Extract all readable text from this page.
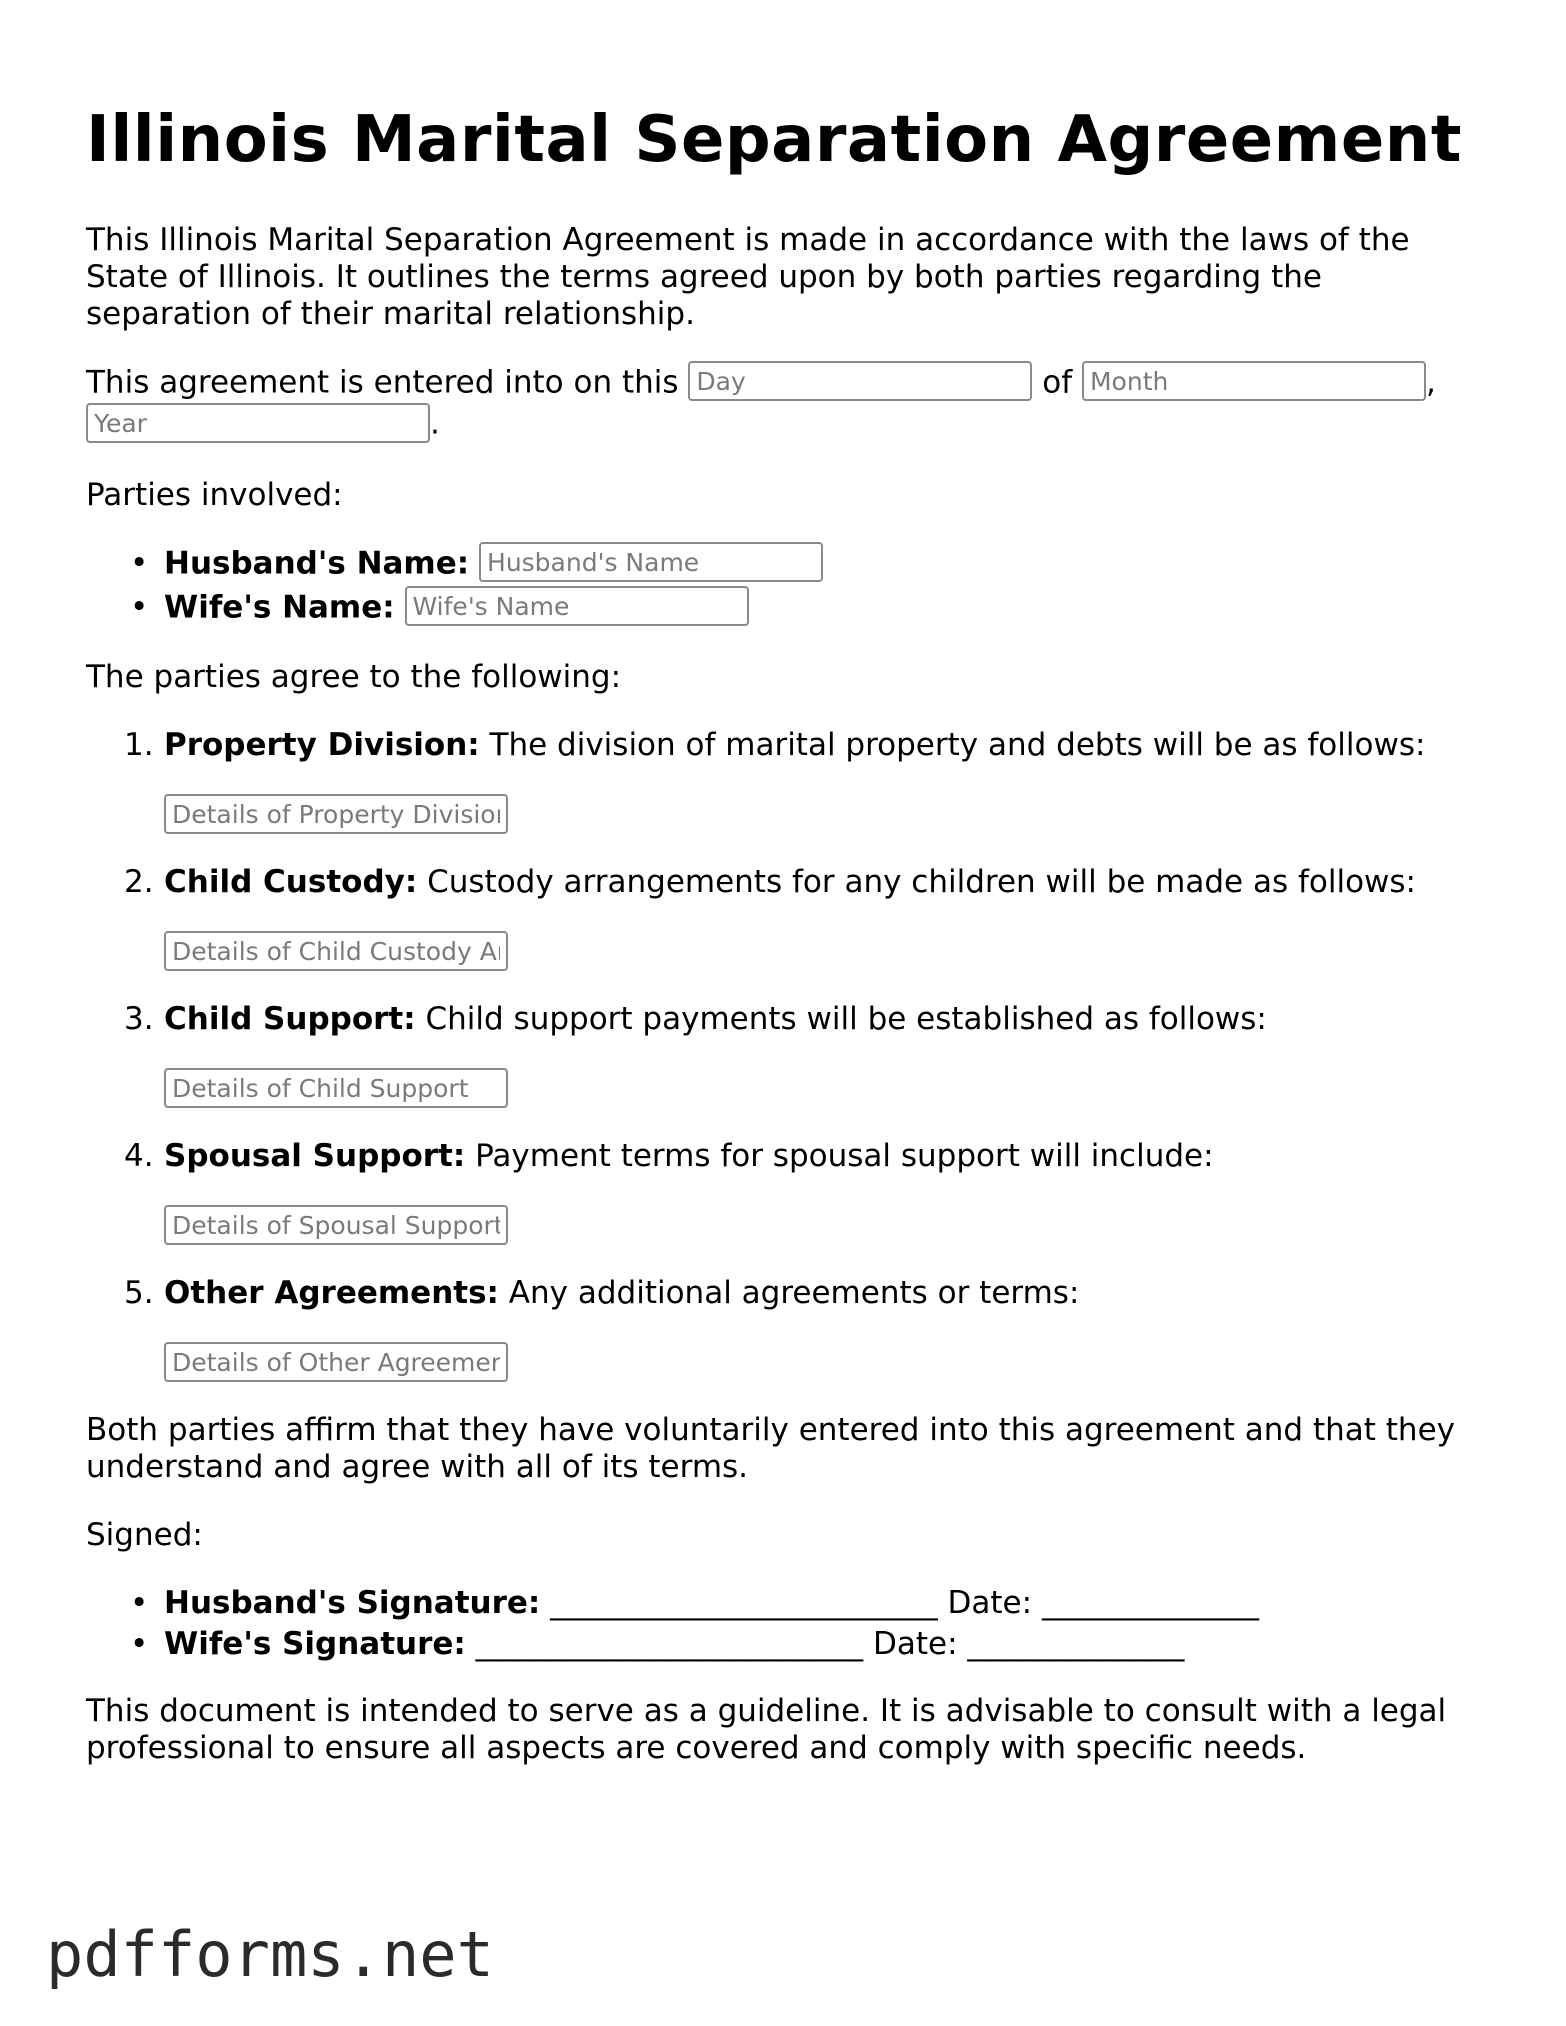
Illinois Marital Separation Agreement

This Illinois Marital Separation Agreement is made in accordance with the laws of the State of Illinois. It outlines the terms agreed upon by both parties regarding the separation of their marital relationship.

This agreement is entered into on this Day	of Month	,
Year.

Parties involved:

• Husband's Name: Husband's Name
• Wife's Name: Wife's Name

The parties agree to the following:

1. Property Division: The division of marital property and debts will be as follows:
Details of Property Division
2. Child Custody: Custody arrangements for any children will be made as follows:
Details of Child Custody Arrangements
3. Child Support: Child support payments will be established as follows:
Details of Child Support
4. Spousal Support: Payment terms for spousal support will include:
Details of Spousal Support
5. Other Agreements: Any additional agreements or terms:
Details of Other Agreements

Both parties affirm that they have voluntarily entered into this agreement and that they understand and agree with all of its terms.

Signed:

• Husband's Signature: _________________________ Date: ______________
• Wife's Signature: _________________________ Date: ______________

This document is intended to serve as a guideline. It is advisable to consult with a legal professional to ensure all aspects are covered and comply with specific needs.

pdfforms.net
